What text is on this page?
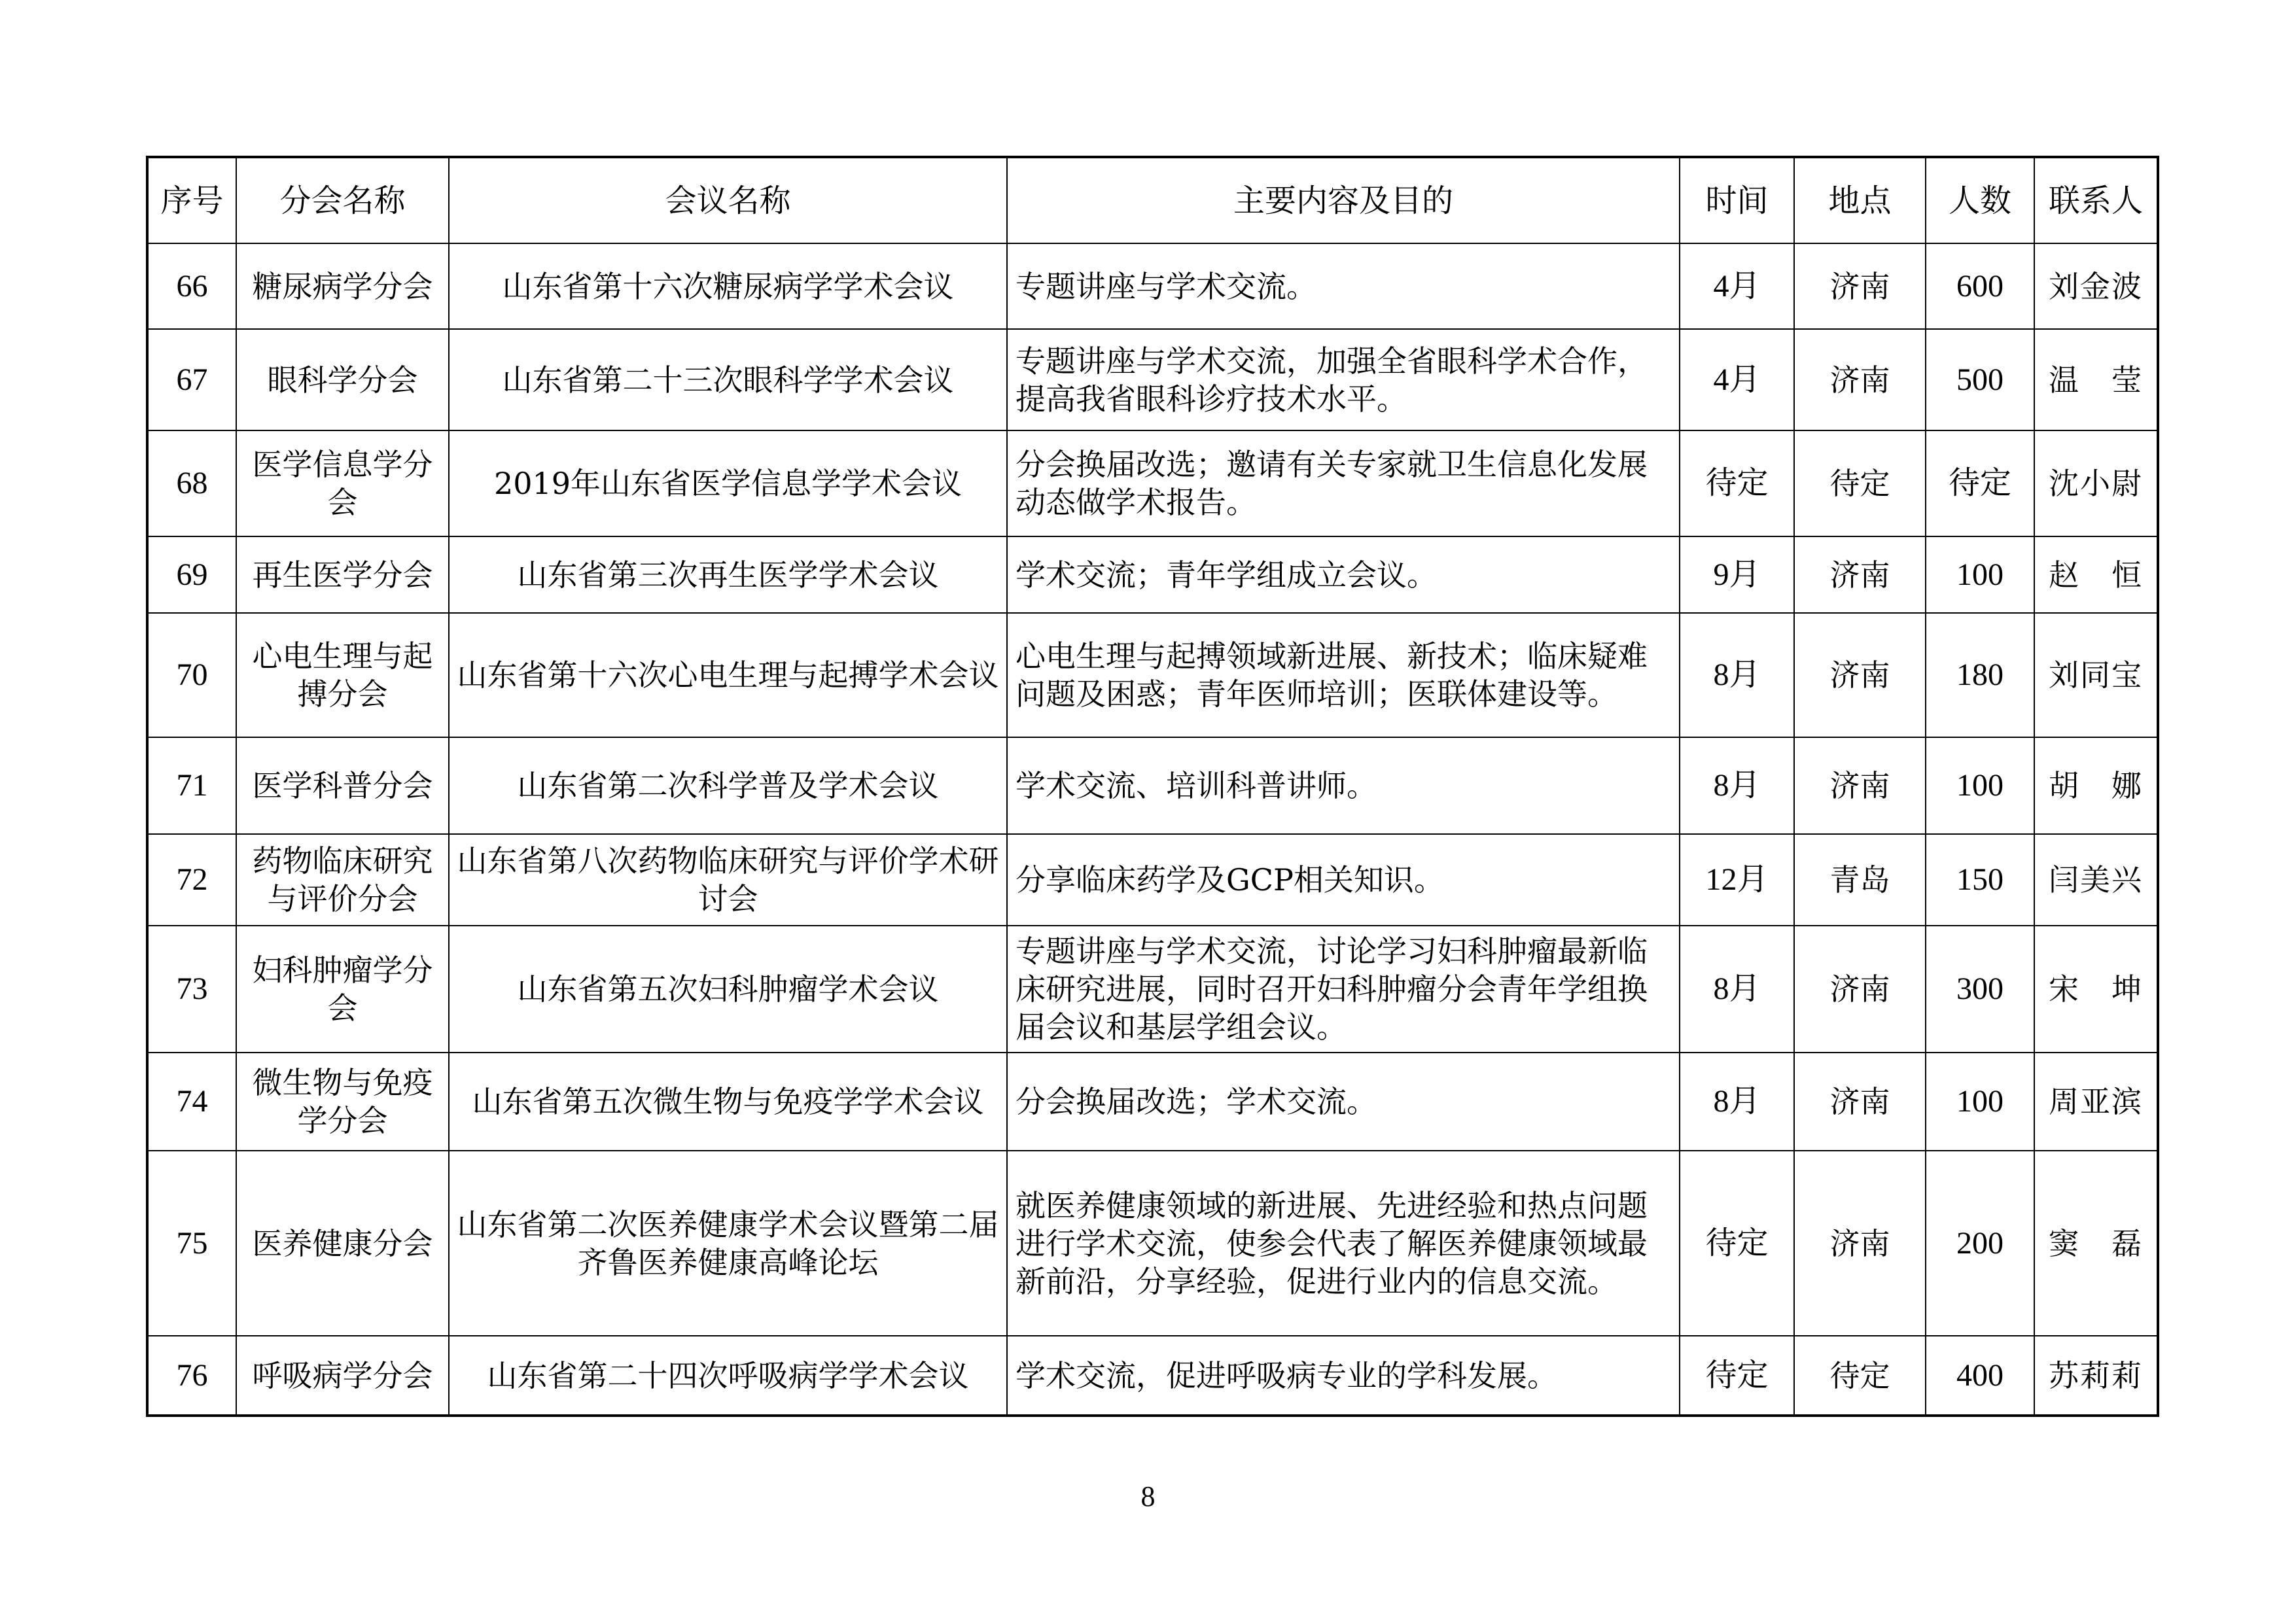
序号	分会名称	会议名称	主要内容及目的	时间	地点	人数	联系人
66	糖尿病学分会	山东省第十六次糖尿病学学术会议	专题讲座与学术交流。	4月	济南	600	刘金波
67	眼科学分会	山东省第二十三次眼科学学术会议	专题讲座与学术交流，加强全省眼科学术合作，提高我省眼科诊疗技术水平。	4月	济南	500	温　莹
68	医学信息学分会	2019年山东省医学信息学学术会议	分会换届改选；邀请有关专家就卫生信息化发展动态做学术报告。	待定	待定	待定	沈小尉
69	再生医学分会	山东省第三次再生医学学术会议	学术交流；青年学组成立会议。	9月	济南	100	赵　恒
70	心电生理与起搏分会	山东省第十六次心电生理与起搏学术会议	心电生理与起搏领域新进展、新技术；临床疑难问题及困惑；青年医师培训；医联体建设等。	8月	济南	180	刘同宝
71	医学科普分会	山东省第二次科学普及学术会议	学术交流、培训科普讲师。	8月	济南	100	胡　娜
72	药物临床研究与评价分会	山东省第八次药物临床研究与评价学术研讨会	分享临床药学及GCP相关知识。	12月	青岛	150	闫美兴
73	妇科肿瘤学分会	山东省第五次妇科肿瘤学术会议	专题讲座与学术交流，讨论学习妇科肿瘤最新临床研究进展，同时召开妇科肿瘤分会青年学组换届会议和基层学组会议。	8月	济南	300	宋　坤
74	微生物与免疫学分会	山东省第五次微生物与免疫学学术会议	分会换届改选；学术交流。	8月	济南	100	周亚滨
75	医养健康分会	山东省第二次医养健康学术会议暨第二届齐鲁医养健康高峰论坛	就医养健康领域的新进展、先进经验和热点问题进行学术交流，使参会代表了解医养健康领域最新前沿，分享经验，促进行业内的信息交流。	待定	济南	200	窦　磊
76	呼吸病学分会	山东省第二十四次呼吸病学学术会议	学术交流，促进呼吸病专业的学科发展。	待定	待定	400	苏莉莉
8
